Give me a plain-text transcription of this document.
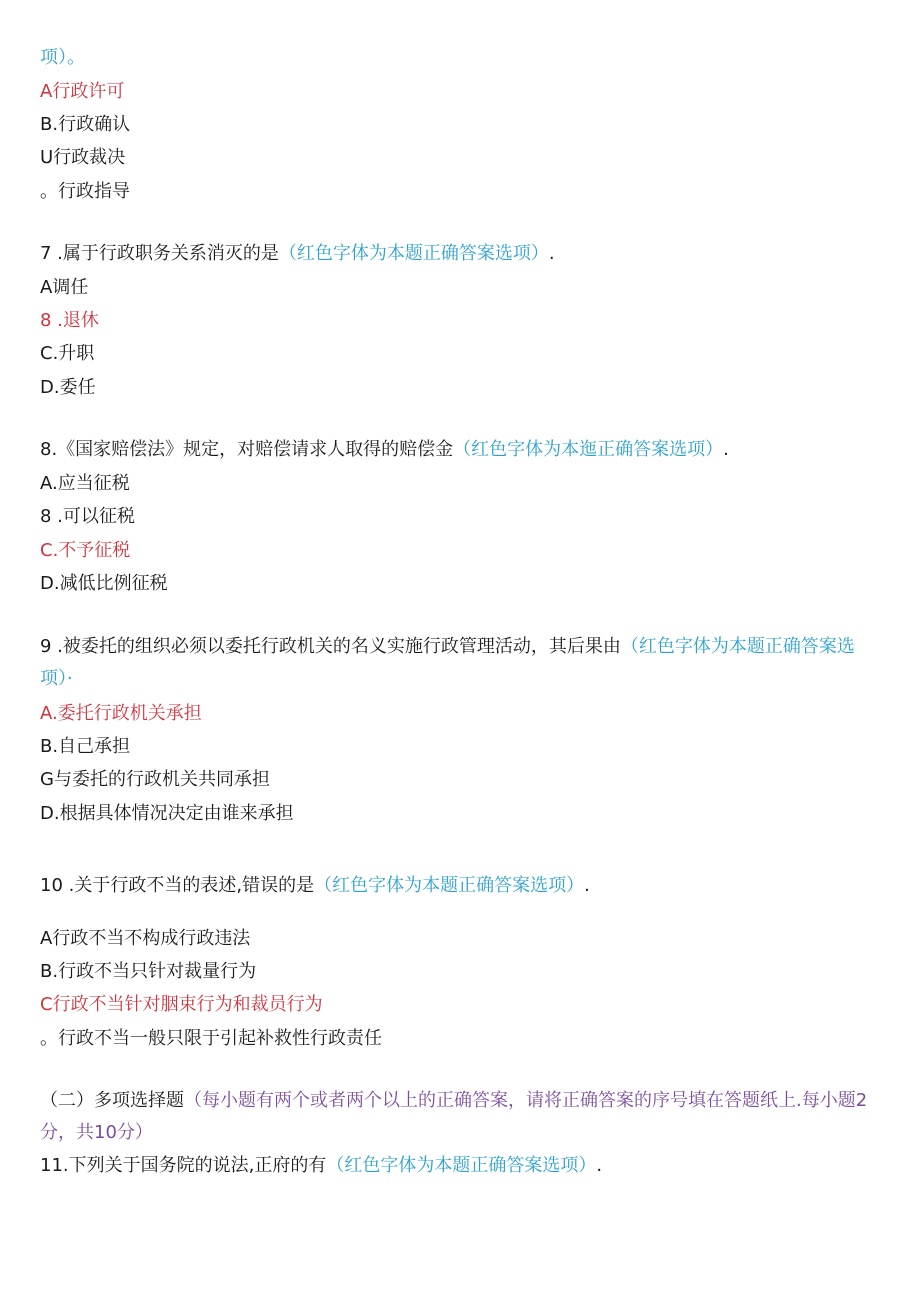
项）。
A行政许可
B.行政确认
U行政裁决
。行政指导
7 .属于行政职务关系消灭的是（红色字体为本题正确答案选项）.
A调任
8 .退休
C.升职
D.委任
8.《国家赔偿法》规定，对赔偿请求人取得的赔偿金（红色字体为本迤正确答案选项）.
A.应当征税
8 .可以征税
C.不予征税
D.减低比例征税
9 .被委托的组织必须以委托行政机关的名义实施行政管理活动，其后果由（红色字体为本题正确答案选项）·
A.委托行政机关承担
B.自己承担
G与委托的行政机关共同承担
D.根据具体情况决定由谁来承担
10 .关于行政不当的表述,错误的是（红色字体为本题正确答案选项）.
A行政不当不构成行政违法
B.行政不当只针对裁量行为
C行政不当针对胭束行为和裁员行为
。行政不当一般只限于引起补救性行政责任
（二）多项选择题（每小题有两个或者两个以上的正确答案，请将正确答案的序号填在答题纸上.每小题2分，共10分）
11.下列关于国务院的说法,正府的有（红色字体为本题正确答案选项）.
